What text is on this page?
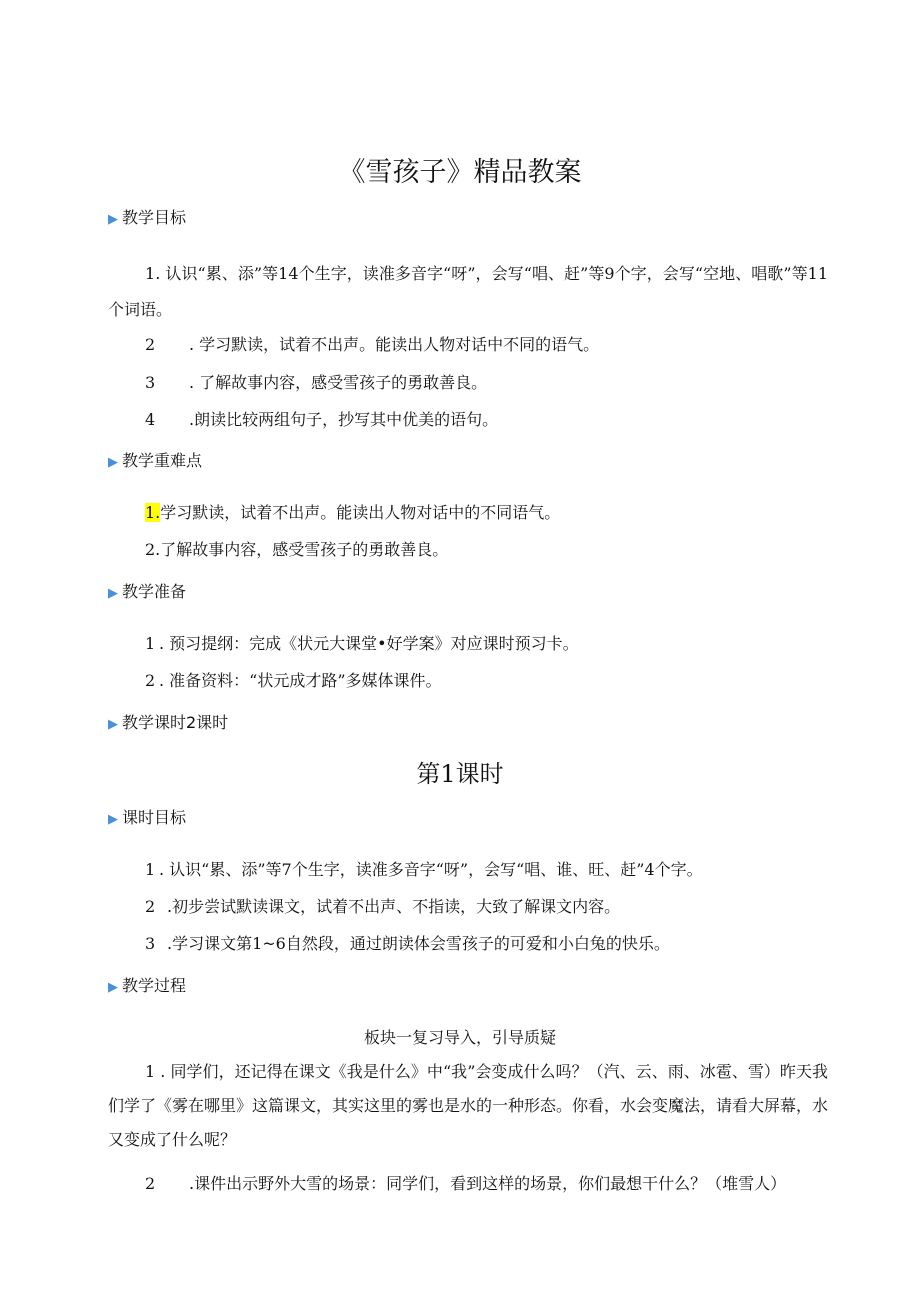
《雪孩子》精品教案
▶ 教学目标
1. 认识“累、添”等14个生字，读准多音字“呀”，会写“唱、赶”等9个字，会写“空地、唱歌”等11个词语。
2 . 学习默读，试着不出声。能读出人物对话中不同的语气。
3 . 了解故事内容，感受雪孩子的勇敢善良。
4 .朗读比较两组句子，抄写其中优美的语句。
▶ 教学重难点
1.学习默读，试着不出声。能读出人物对话中的不同语气。
2.了解故事内容，感受雪孩子的勇敢善良。
▶ 教学准备
1 . 预习提纲：完成《状元大课堂•好学案》对应课时预习卡。
2 . 准备资料：“状元成才路”多媒体课件。
▶ 教学课时2课时
第1课时
▶ 课时目标
1 . 认识“累、添”等7个生字，读准多音字“呀”，会写“唱、谁、旺、赶”4个字。
2 .初步尝试默读课文，试着不出声、不指读，大致了解课文内容。
3 .学习课文第1~6自然段，通过朗读体会雪孩子的可爱和小白兔的快乐。
▶ 教学过程
板块一复习导入，引导质疑
1 . 同学们，还记得在课文《我是什么》中“我”会变成什么吗？（汽、云、雨、冰雹、雪）昨天我们学了《雾在哪里》这篇课文，其实这里的雾也是水的一种形态。你看，水会变魔法，请看大屏幕，水又变成了什么呢？
2 .课件出示野外大雪的场景：同学们，看到这样的场景，你们最想干什么？（堆雪人）
